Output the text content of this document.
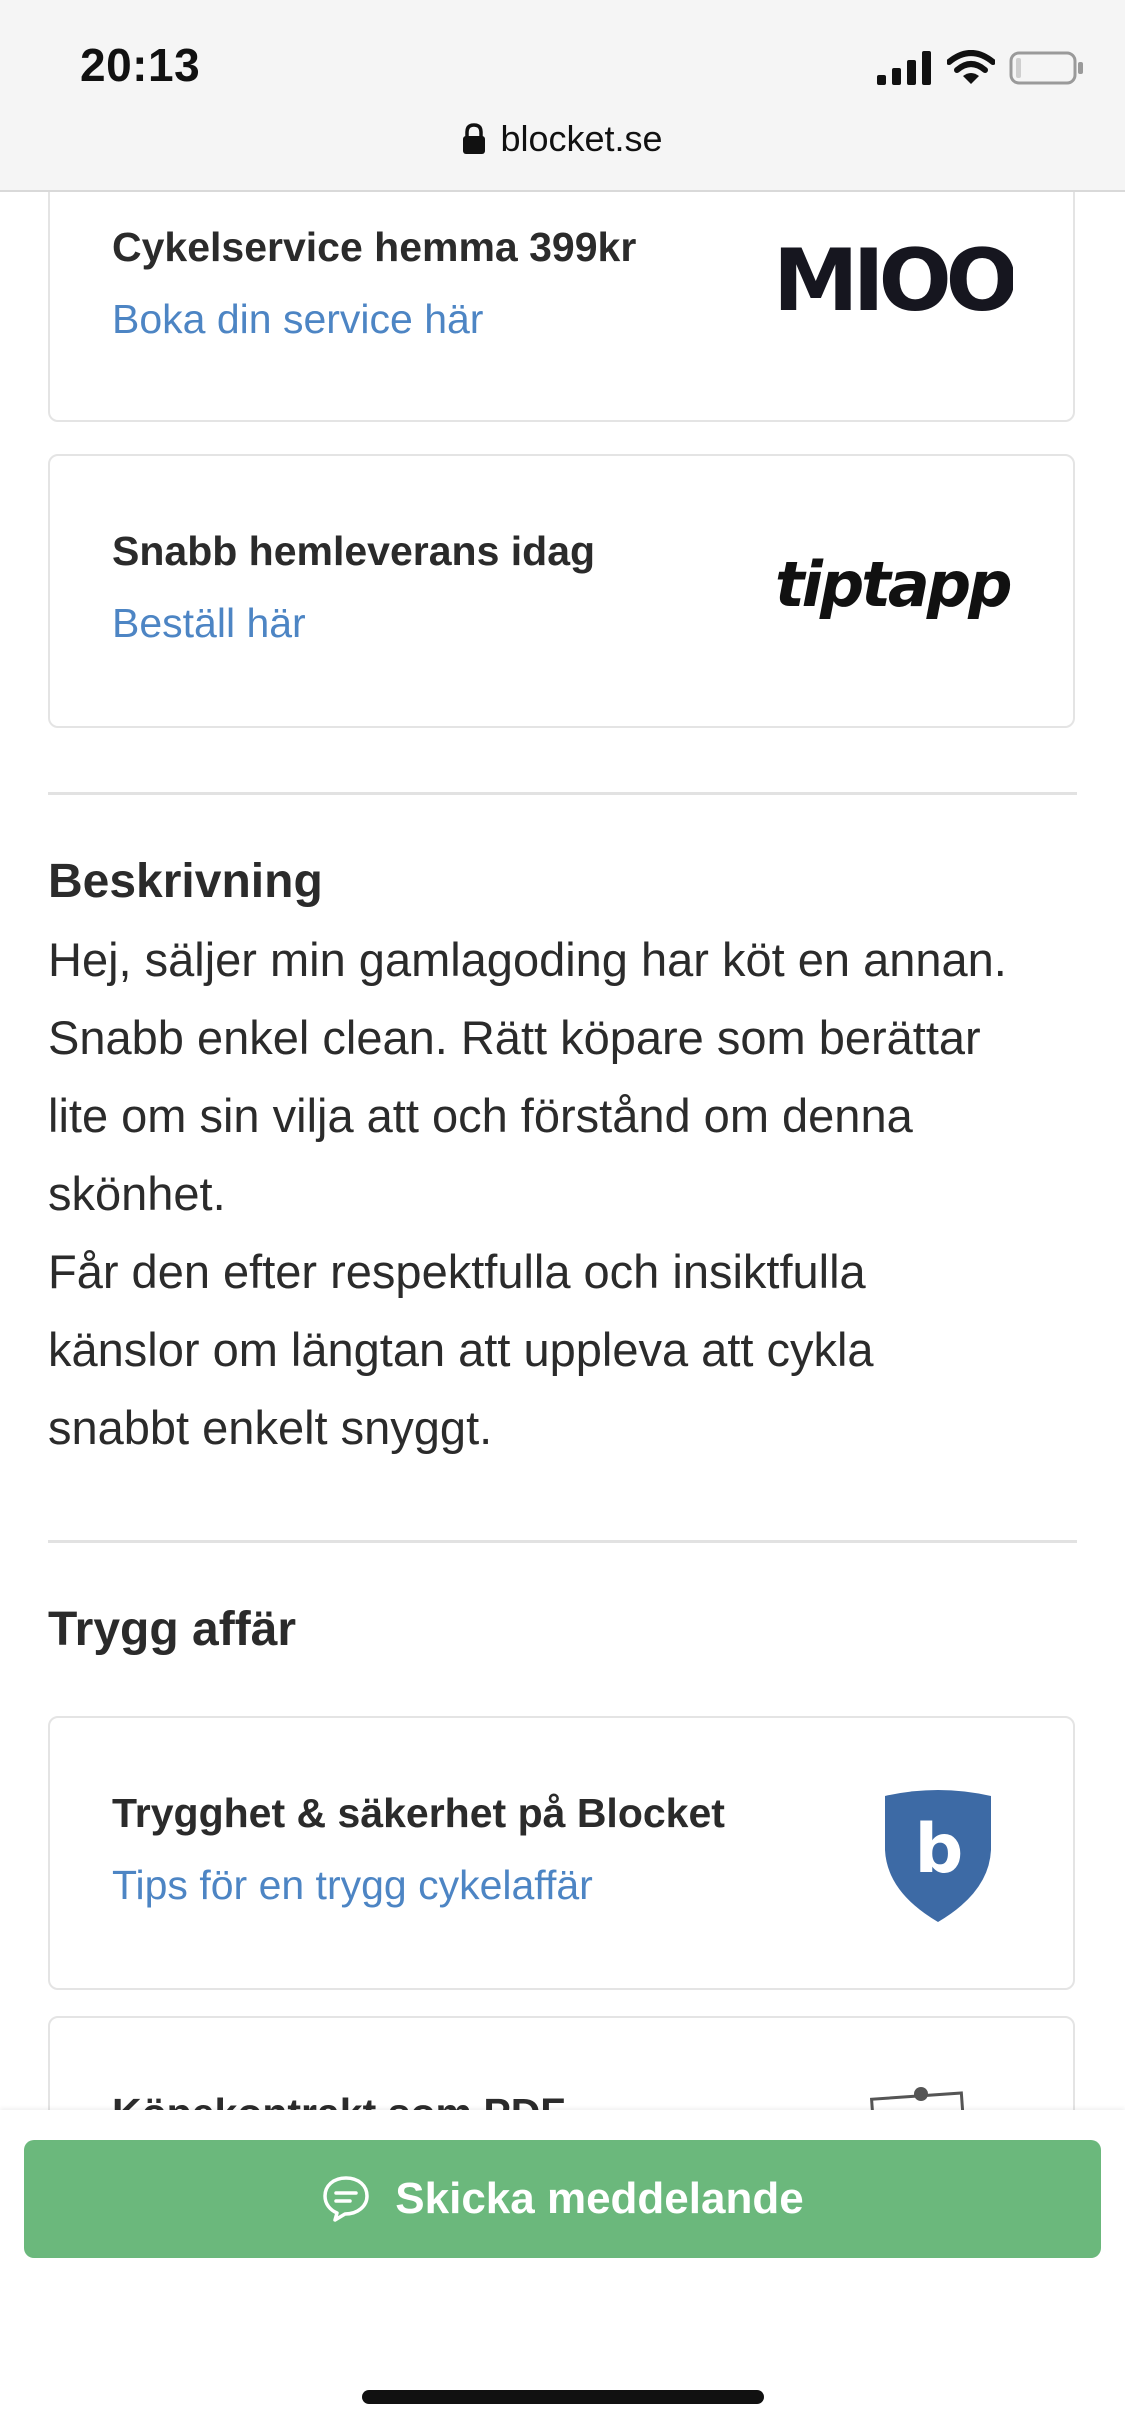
Cykelservice hemma 399kr
Boka din service här	MIOO
Snabb hemleverans idag
Beställ här
tiptapp
Beskrivning
Hej, säljer min gamlagoding har köt en annan.
Snabb enkel clean. Rätt köpare som berättar
lite om sin vilja att och förstånd om denna
skönhet.
Får den efter respektfulla och insiktfulla
känslor om längtan att uppleva att cykla
snabbt enkelt snyggt.
Trygg affär
Trygghet & säkerhet på Blocket
Tips för en trygg cykelaffär	b
20:13
blocket.se
Skicka meddelande
